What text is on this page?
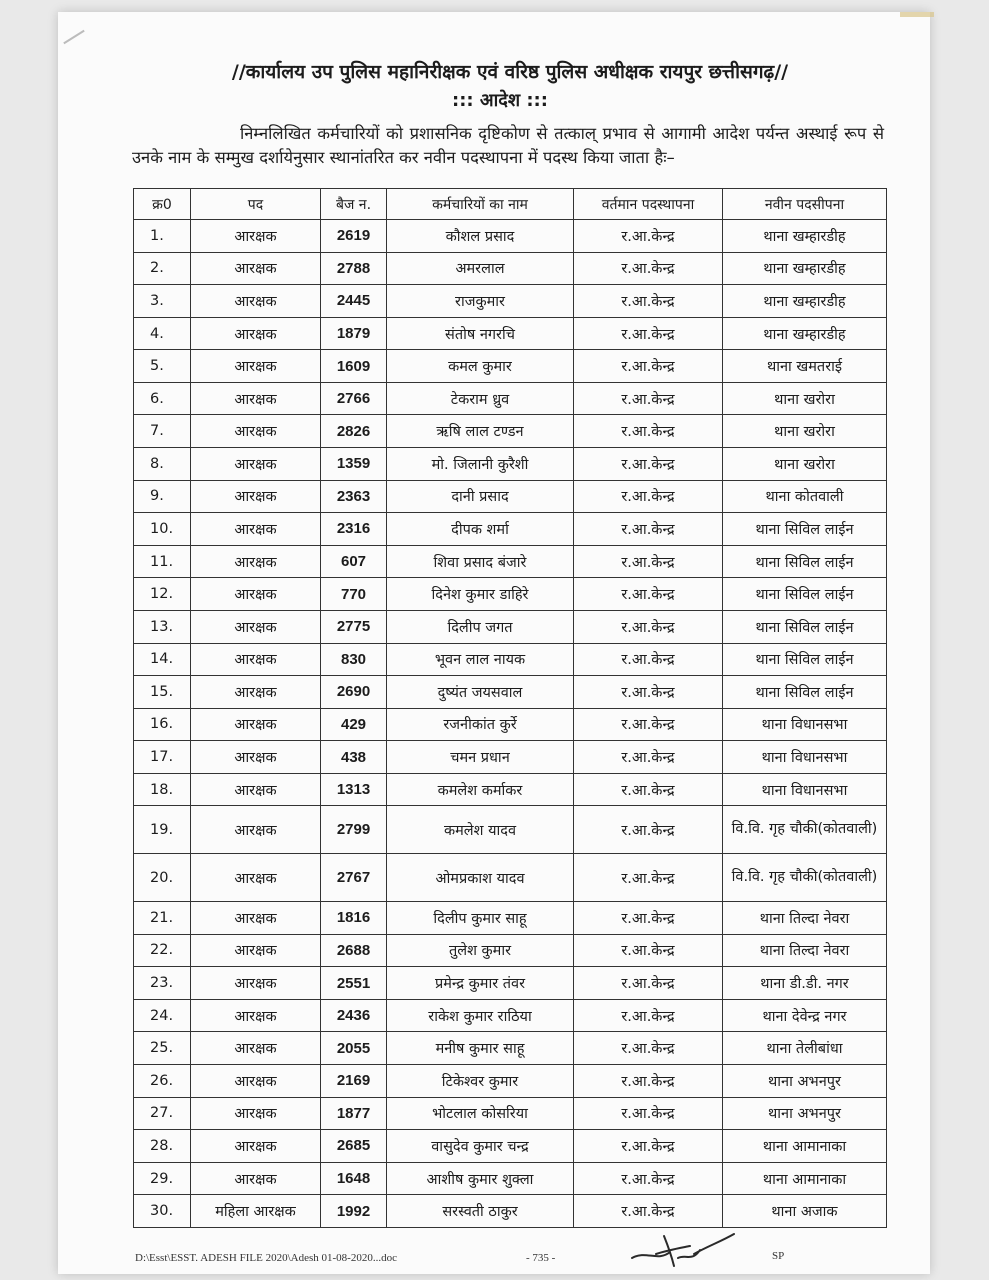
//कार्यालय उप पुलिस महानिरीक्षक एवं वरिष्ठ पुलिस अधीक्षक रायपुर छत्तीसगढ़//
::: आदेश :::
निम्नलिखित कर्मचारियों को प्रशासनिक दृष्टिकोण से तत्काल् प्रभाव से आगामी आदेश पर्यन्त अस्थाई रूप से उनके नाम के सम्मुख दर्शायेनुसार स्थानांतरित कर नवीन पदस्थापना में पदस्थ किया जाता हैः–
क्र0	पद	बैज न.	कर्मचारियों का नाम	वर्तमान पदस्थापना	नवीन पदसीपना
1.	आरक्षक	2619	कौशल प्रसाद	र.आ.केन्द्र	थाना खम्हारडीह
2.	आरक्षक	2788	अमरलाल	र.आ.केन्द्र	थाना खम्हारडीह
3.	आरक्षक	2445	राजकुमार	र.आ.केन्द्र	थाना खम्हारडीह
4.	आरक्षक	1879	संतोष नगरचि	र.आ.केन्द्र	थाना खम्हारडीह
5.	आरक्षक	1609	कमल कुमार	र.आ.केन्द्र	थाना खमतराई
6.	आरक्षक	2766	टेकराम ध्रुव	र.आ.केन्द्र	थाना खरोरा
7.	आरक्षक	2826	ऋषि लाल टण्डन	र.आ.केन्द्र	थाना खरोरा
8.	आरक्षक	1359	मो. जिलानी कुरैशी	र.आ.केन्द्र	थाना खरोरा
9.	आरक्षक	2363	दानी प्रसाद	र.आ.केन्द्र	थाना कोतवाली
10.	आरक्षक	2316	दीपक शर्मा	र.आ.केन्द्र	थाना सिविल लाईन
11.	आरक्षक	607	शिवा प्रसाद बंजारे	र.आ.केन्द्र	थाना सिविल लाईन
12.	आरक्षक	770	दिनेश कुमार डाहिरे	र.आ.केन्द्र	थाना सिविल लाईन
13.	आरक्षक	2775	दिलीप जगत	र.आ.केन्द्र	थाना सिविल लाईन
14.	आरक्षक	830	भूवन लाल नायक	र.आ.केन्द्र	थाना सिविल लाईन
15.	आरक्षक	2690	दुष्यंत जयसवाल	र.आ.केन्द्र	थाना सिविल लाईन
16.	आरक्षक	429	रजनीकांत कुर्रे	र.आ.केन्द्र	थाना विधानसभा
17.	आरक्षक	438	चमन प्रधान	र.आ.केन्द्र	थाना विधानसभा
18.	आरक्षक	1313	कमलेश कर्माकर	र.आ.केन्द्र	थाना विधानसभा
19.	आरक्षक	2799	कमलेश यादव	र.आ.केन्द्र	वि.वि. गृह चौकी(कोतवाली)
20.	आरक्षक	2767	ओमप्रकाश यादव	र.आ.केन्द्र	वि.वि. गृह चौकी(कोतवाली)
21.	आरक्षक	1816	दिलीप कुमार साहू	र.आ.केन्द्र	थाना तिल्दा नेवरा
22.	आरक्षक	2688	तुलेश कुमार	र.आ.केन्द्र	थाना तिल्दा नेवरा
23.	आरक्षक	2551	प्रमेन्द्र कुमार तंवर	र.आ.केन्द्र	थाना डी.डी. नगर
24.	आरक्षक	2436	राकेश कुमार राठिया	र.आ.केन्द्र	थाना देवेन्द्र नगर
25.	आरक्षक	2055	मनीष कुमार साहू	र.आ.केन्द्र	थाना तेलीबांधा
26.	आरक्षक	2169	टिकेश्वर कुमार	र.आ.केन्द्र	थाना अभनपुर
27.	आरक्षक	1877	भोटलाल कोसरिया	र.आ.केन्द्र	थाना अभनपुर
28.	आरक्षक	2685	वासुदेव कुमार चन्द्र	र.आ.केन्द्र	थाना आमानाका
29.	आरक्षक	1648	आशीष कुमार शुक्ला	र.आ.केन्द्र	थाना आमानाका
30.	महिला आरक्षक	1992	सरस्वती ठाकुर	र.आ.केन्द्र	थाना अजाक
D:\Esst\ESST. ADESH FILE 2020\Adesh 01-08-2020...doc	- 735 -	SP
